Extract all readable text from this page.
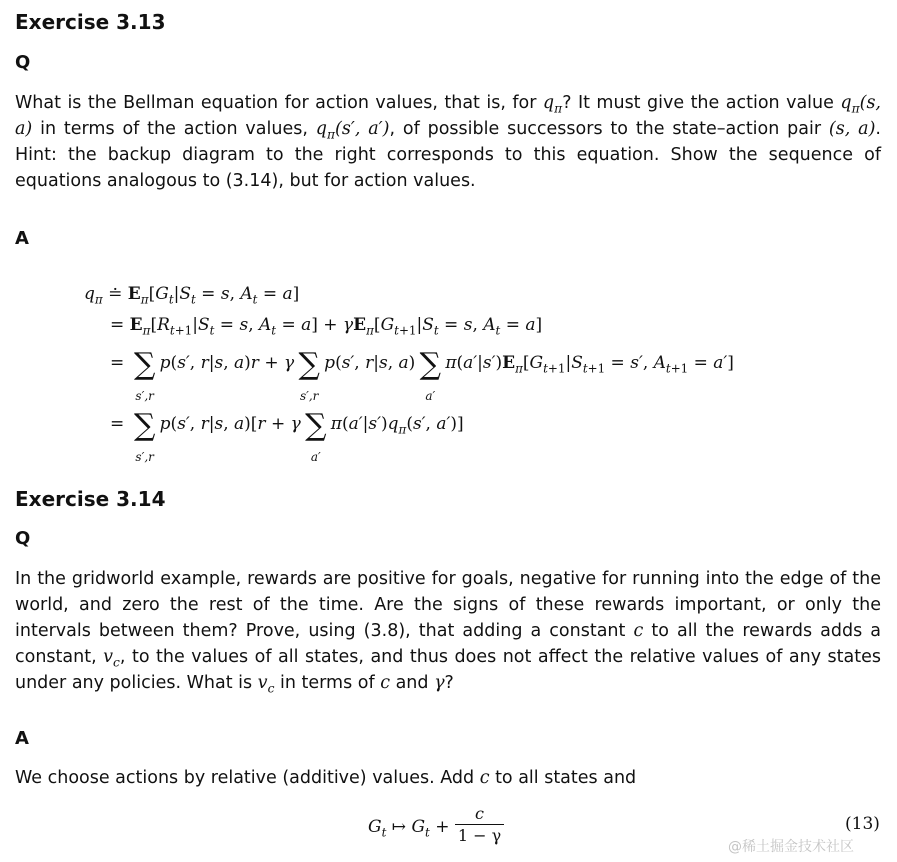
Exercise 3.13
Q

What is the Bellman equation for action values, that is, for $q_\pi$? It must give the action value $q_\pi(s$, a) in terms of the action values, $q_\pi(s'$, a′), of possible successors to the state–action pair (s, a). Hint: the backup diagram to the right corresponds to this equation. Show the sequence of equations analogous to (3.14), but for action values.

A
$q_\pi$ ≐ $E_\pi[G_t|S_t = s$, $A_t = a$]
= $E_\pi[R_{t+1}|S_t = s$, $A_t = a] + \gamma E_\pi[G_{t+1}|S_t = s$, $A_t = a$]
= ∑
s′,r
p(s′, r|s, a)r + γ ∑
s′,r
p(s′, r|s, a) ∑
a′
$\pi(a'|s')E_\pi[G_{t+1}|S_{t+1} = s'$, $A_{t+1} = a'$]
= ∑
s′,r
p(s′, r|s, a)[r + γ ∑
a′
$\pi(a'|s')q_\pi(s'$, a′)]
Exercise 3.14
Q

In the gridworld example, rewards are positive for goals, negative for running into the edge of the world, and zero the rest of the time. Are the signs of these rewards important, or only the intervals between them? Prove, using (3.8), that adding a constant c to all the rewards adds a constant, $v_c$, to the values of all states, and thus does not affect the relative values of any states under any policies. What is $v_c$ in terms of c and γ?

A

We choose actions by relative (additive) values. Add c to all states and

$G_t$ ↦ $G_t + \frac{c}{1 - \gamma}$	(13)
@稀土掘金技术社区
